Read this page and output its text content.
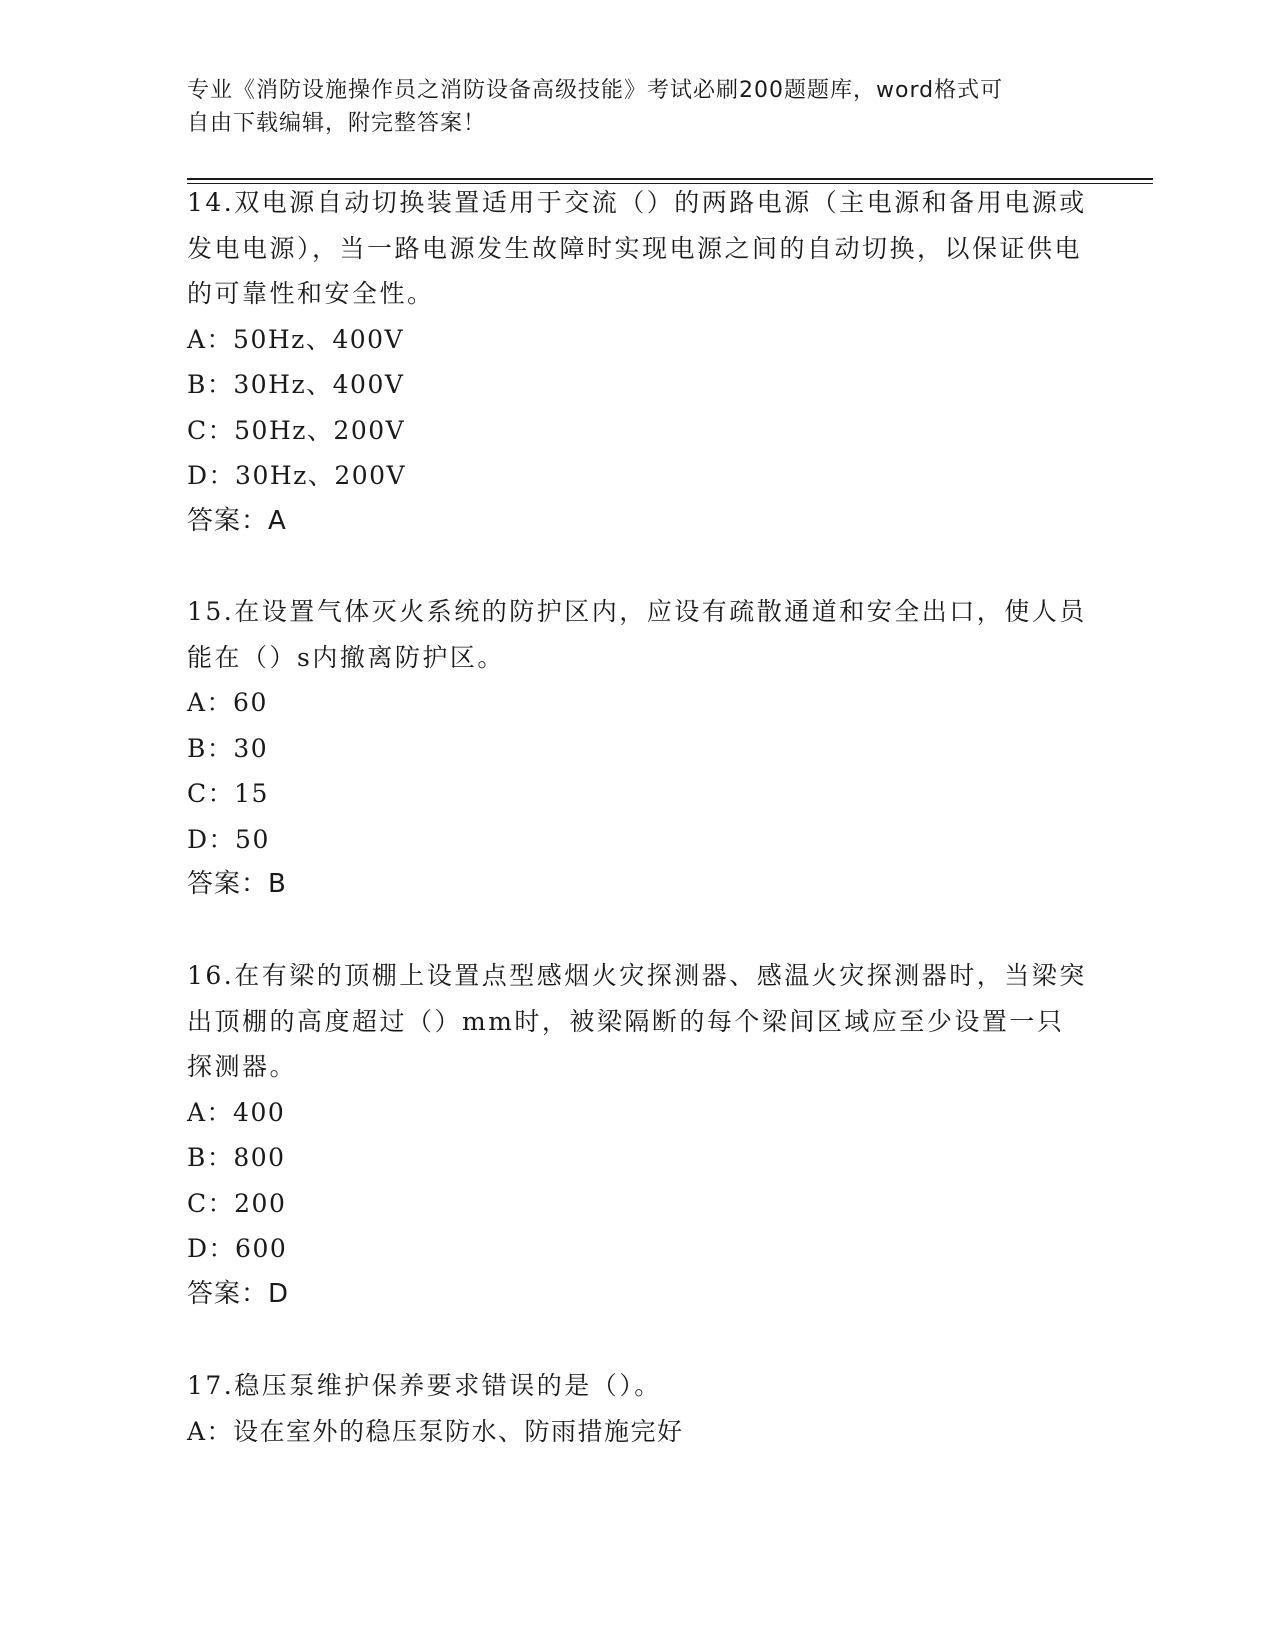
专业《消防设施操作员之消防设备高级技能》考试必刷200题题库，word格式可
自由下载编辑，附完整答案！

14.双电源自动切换装置适用于交流（）的两路电源（主电源和备用电源或发电电源），当一路电源发生故障时实现电源之间的自动切换，以保证供电的可靠性和安全性。

A：50Hz、400V

B：30Hz、400V

C：50Hz、200V

D：30Hz、200V

答案：A

15.在设置气体灭火系统的防护区内，应设有疏散通道和安全出口，使人员能在（）s内撤离防护区。

A：60

B：30

C：15

D：50

答案：B

16.在有梁的顶棚上设置点型感烟火灾探测器、感温火灾探测器时，当梁突出顶棚的高度超过（）mm时，被梁隔断的每个梁间区域应至少设置一只探测器。

A：400

B：800

C：200

D：600

答案：D

17.稳压泵维护保养要求错误的是（）。

A：设在室外的稳压泵防水、防雨措施完好
